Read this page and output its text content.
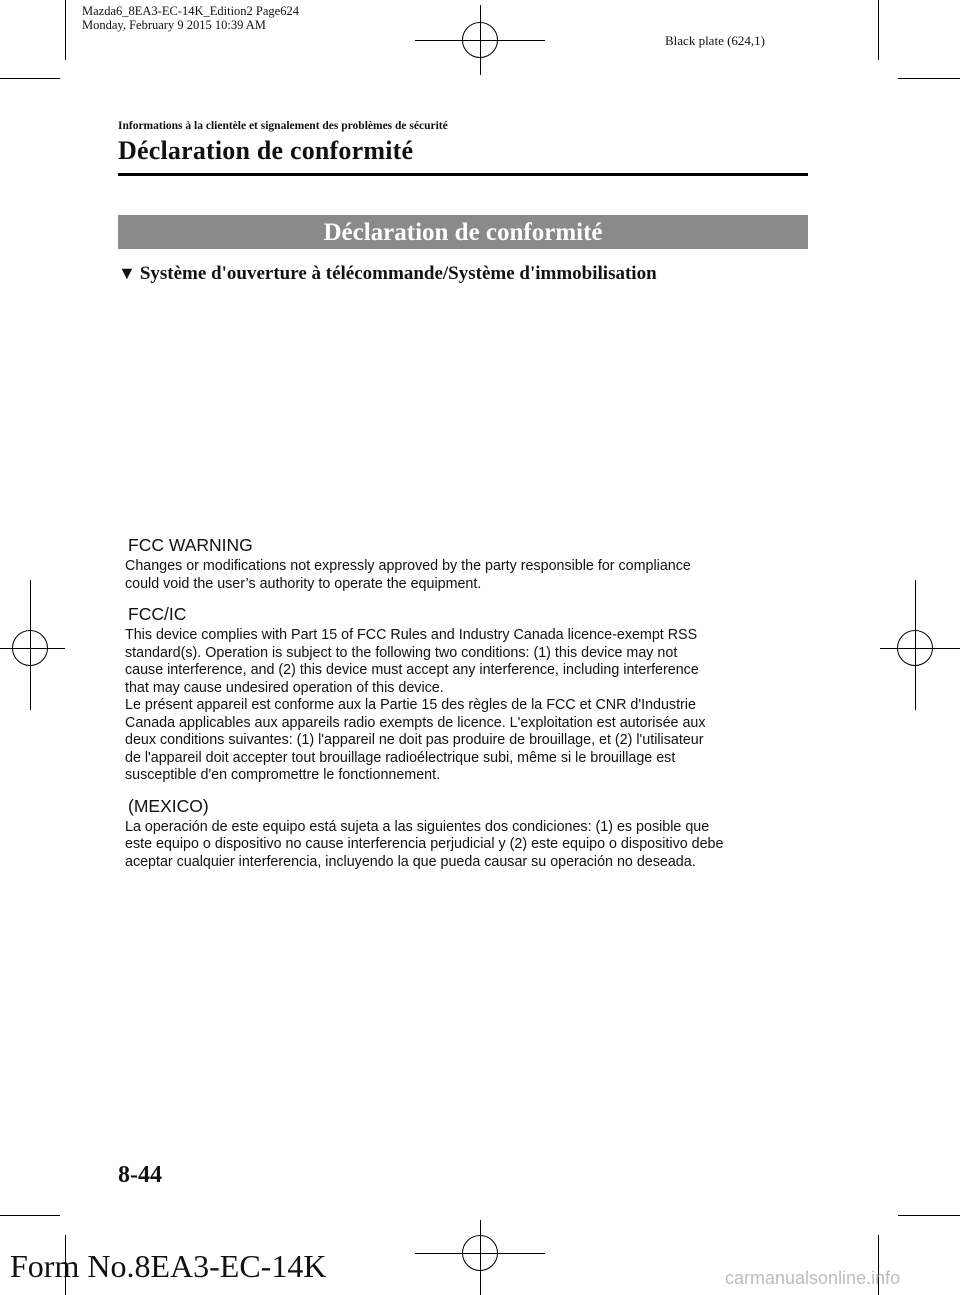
Mazda6_8EA3-EC-14K_Edition2 Page624
Monday, February 9 2015 10:39 AM
Black plate (624,1)
Informations à la clientèle et signalement des problèmes de sécurité
Déclaration de conformité
Déclaration de conformité
▼ Système d'ouverture à télécommande/Système d'immobilisation
FCC WARNING
Changes or modifications not expressly approved by the party responsible for compliance
could void the user’s authority to operate the equipment.
FCC/IC
This device complies with Part 15 of FCC Rules and Industry Canada licence-exempt RSS
standard(s). Operation is subject to the following two conditions: (1) this device may not
cause interference, and (2) this device must accept any interference, including interference
that may cause undesired operation of this device.
Le présent appareil est conforme aux la Partie 15 des règles de la FCC et CNR d'Industrie
Canada applicables aux appareils radio exempts de licence. L'exploitation est autorisée aux
deux conditions suivantes: (1) l'appareil ne doit pas produire de brouillage, et (2) l'utilisateur
de l'appareil doit accepter tout brouillage radioélectrique subi, même si le brouillage est
susceptible d'en compromettre le fonctionnement.
(MEXICO)
La operación de este equipo está sujeta a las siguientes dos condiciones: (1) es posible que
este equipo o dispositivo no cause interferencia perjudicial y (2) este equipo o dispositivo debe
aceptar cualquier interferencia, incluyendo la que pueda causar su operación no deseada.
8-44
Form No.8EA3-EC-14K	carmanualsonline.info
